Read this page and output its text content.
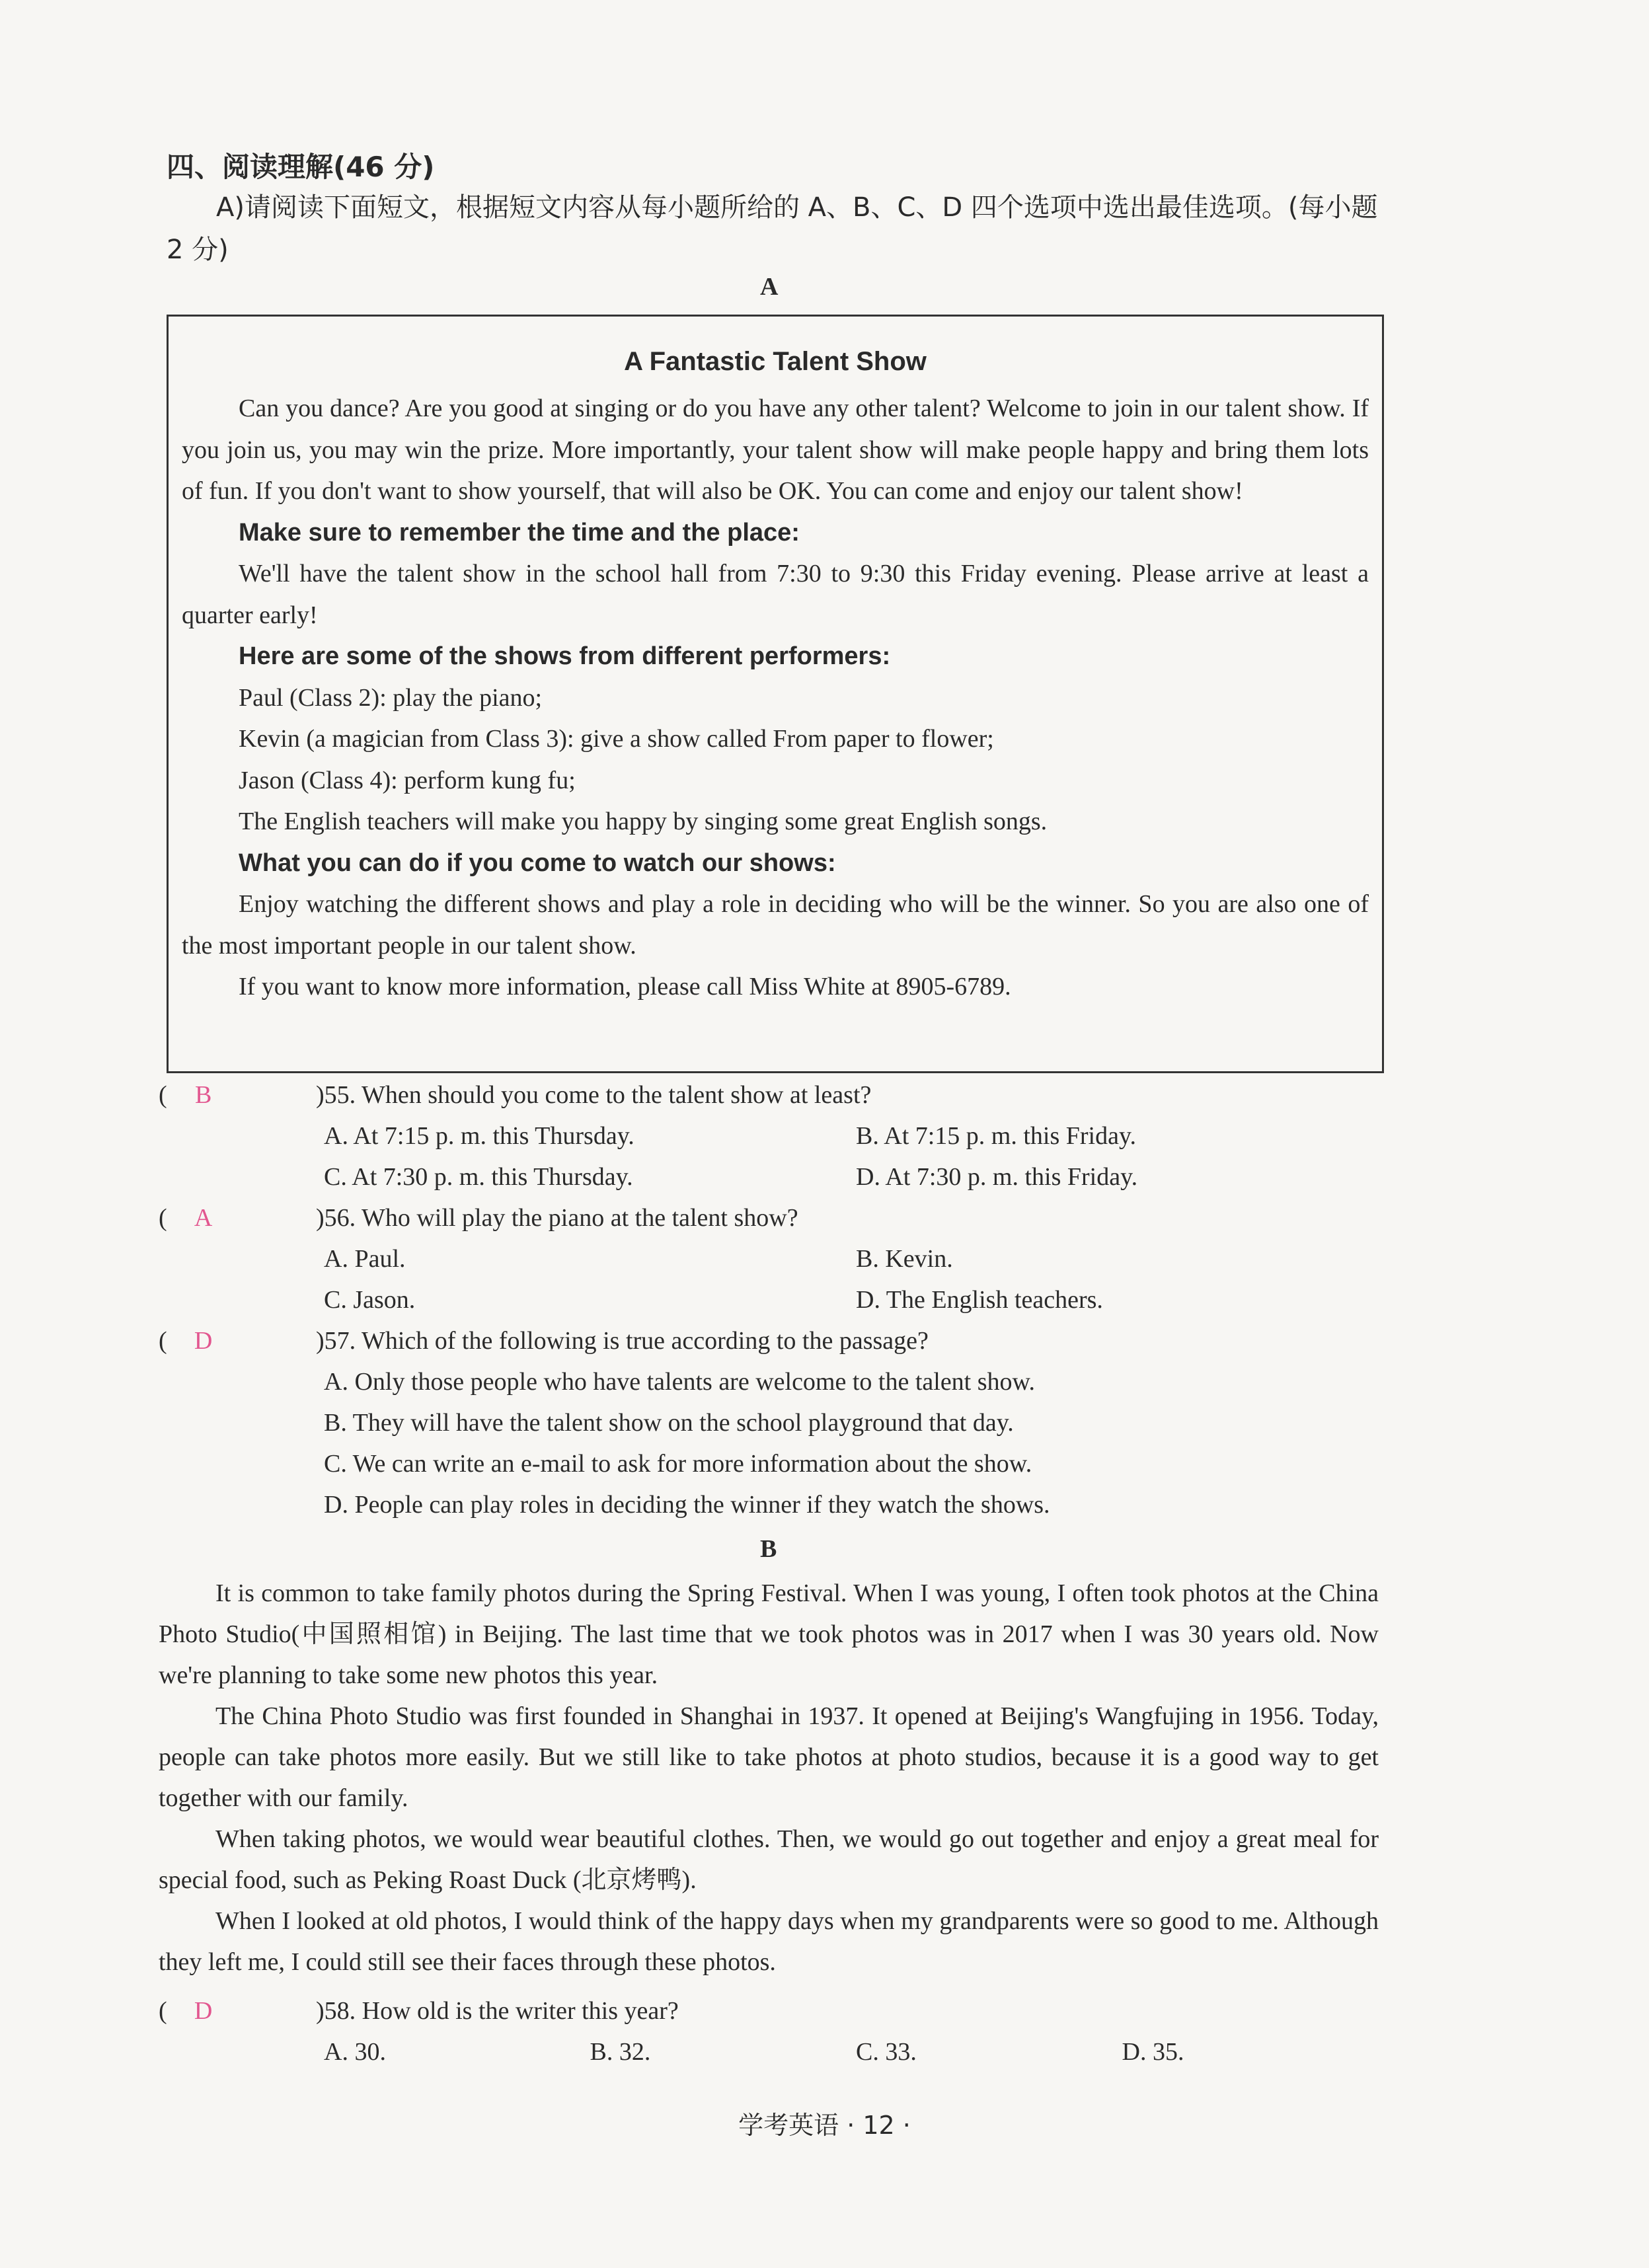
四、阅读理解(46 分)
A)请阅读下面短文，根据短文内容从每小题所给的 A、B、C、D 四个选项中选出最佳选项。(每小题 2 分)
A
A Fantastic Talent Show

Can you dance? Are you good at singing or do you have any other talent? Welcome to join in our talent show. If you join us, you may win the prize. More importantly, your talent show will make people happy and bring them lots of fun. If you don't want to show yourself, that will also be OK. You can come and enjoy our talent show!

Make sure to remember the time and the place:

We'll have the talent show in the school hall from 7:30 to 9:30 this Friday evening. Please arrive at least a quarter early!

Here are some of the shows from different performers:

Paul (Class 2): play the piano;

Kevin (a magician from Class 3): give a show called From paper to flower;

Jason (Class 4): perform kung fu;

The English teachers will make you happy by singing some great English songs.

What you can do if you come to watch our shows:

Enjoy watching the different shows and play a role in deciding who will be the winner. So you are also one of the most important people in our talent show.

If you want to know more information, please call Miss White at 8905-6789.

( B	)55. When should you come to the talent show at least?
A. At 7:15 p. m. this Thursday.	B. At 7:15 p. m. this Friday.
C. At 7:30 p. m. this Thursday.	D. At 7:30 p. m. this Friday.
( A	)56. Who will play the piano at the talent show?
A. Paul.	B. Kevin.
C. Jason.	D. The English teachers.
( D	)57. Which of the following is true according to the passage?
A. Only those people who have talents are welcome to the talent show.
B. They will have the talent show on the school playground that day.
C. We can write an e-mail to ask for more information about the show.
D. People can play roles in deciding the winner if they watch the shows.
B

It is common to take family photos during the Spring Festival. When I was young, I often took photos at the China Photo Studio(中国照相馆) in Beijing. The last time that we took photos was in 2017 when I was 30 years old. Now we're planning to take some new photos this year.

The China Photo Studio was first founded in Shanghai in 1937. It opened at Beijing's Wangfujing in 1956. Today, people can take photos more easily. But we still like to take photos at photo studios, because it is a good way to get together with our family.

When taking photos, we would wear beautiful clothes. Then, we would go out together and enjoy a great meal for special food, such as Peking Roast Duck (北京烤鸭).

When I looked at old photos, I would think of the happy days when my grandparents were so good to me. Although they left me, I could still see their faces through these photos.

( D	)58. How old is the writer this year?
A. 30.	B. 32.	C. 33.	D. 35.
学考英语 · 12 ·
